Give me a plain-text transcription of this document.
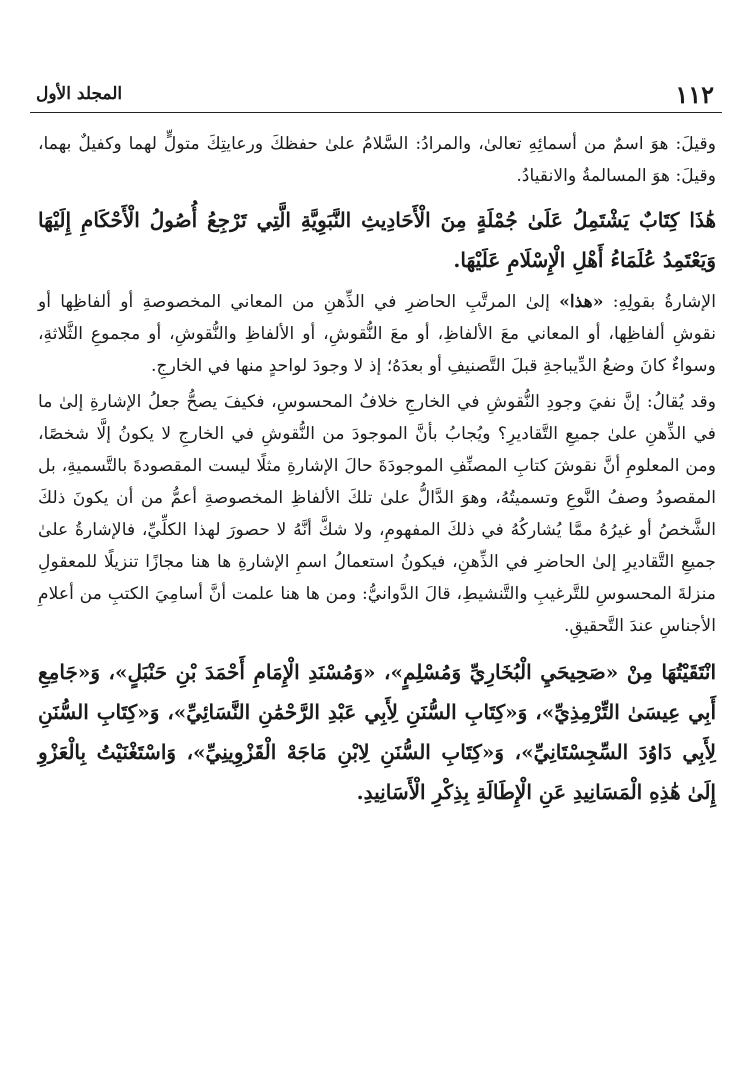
١١٢
المجلد الأول

وقيلَ: هوَ اسمٌ من أسمائِهِ تعالىٰ، والمرادُ: السَّلامُ علىٰ حفظكَ ورعايتِكَ متولٍّ لهما وكفيلٌ بهما، وقيلَ: هوَ المسالمةُ والانقيادُ.

هَٰذَا كِتَابٌ يَشْتَمِلُ عَلَىٰ جُمْلَةٍ مِنَ الْأَحَادِيثِ النَّبَوِيَّةِ الَّتِي تَرْجِعُ أُصُولُ الْأَحْكَامِ إِلَيْهَا وَيَعْتَمِدُ عُلَمَاءُ أَهْلِ الْإِسْلَامِ عَلَيْهَا.

الإشارةُ بقولِهِ: «هذا» إلىٰ المرتَّبِ الحاضرِ في الذِّهنِ من المعاني المخصوصةِ أو ألفاظِها أو نقوشِ ألفاظِها، أو المعاني معَ الألفاظِ، أو معَ النُّقوشِ، أو الألفاظِ والنُّقوشِ، أو مجموعِ الثَّلاثةِ، وسواءٌ كانَ وضعُ الدِّيباجةِ قبلَ التَّصنيفِ أو بعدَهُ؛ إذ لا وجودَ لواحدٍ منها في الخارجِ.

وقد يُقالُ: إنَّ نفيَ وجودِ النُّقوشِ في الخارجِ خلافُ المحسوسِ، فكيفَ يصحُّ جعلُ الإشارةِ إلىٰ ما في الذِّهنِ علىٰ جميعِ التَّقاديرِ؟ ويُجابُ بأنَّ الموجودَ من النُّقوشِ في الخارجِ لا يكونُ إلَّا شخصًا، ومن المعلومِ أنَّ نقوشَ كتابِ المصنِّفِ الموجودَةَ حالَ الإشارةِ مثلًا ليست المقصودةَ بالتَّسميةِ، بل المقصودُ وصفُ النَّوعِ وتسميتُهُ، وهوَ الدَّالُّ علىٰ تلكَ الألفاظِ المخصوصةِ أعمُّ من أن يكونَ ذلكَ الشَّخصُ أو غيرُهُ ممَّا يُشاركُهُ في ذلكَ المفهومِ، ولا شكَّ أنَّهُ لا حصورَ لهذا الكلِّيِّ، فالإشارةُ علىٰ جميعِ التَّقاديرِ إلىٰ الحاضرِ في الذِّهنِ، فيكونُ استعمالُ اسمِ الإشارةِ ها هنا مجازًا تنزيلًا للمعقولِ منزلةَ المحسوسِ للتَّرغيبِ والتَّنشيطِ، قالَ الدَّوانيُّ: ومن ها هنا علمت أنَّ أسامِيَ الكتبِ من أعلامِ الأجناسِ عندَ التَّحقيقِ.

انْتَقَيْتُهَا مِنْ «صَحِيحَيِ الْبُخَارِيِّ وَمُسْلِمٍ»، «وَمُسْنَدِ الْإِمَامِ أَحْمَدَ بْنِ حَنْبَلٍ»، وَ«جَامِعِ أَبِي عِيسَىٰ التِّرْمِذِيِّ»، وَ«كِتَابِ السُّنَنِ لِأَبِي عَبْدِ الرَّحْمَٰنِ النَّسَائِيِّ»، وَ«كِتَابِ السُّنَنِ لِأَبِي دَاوُدَ السِّجِسْتَانِيِّ»، وَ«كِتَابِ السُّنَنِ لِابْنِ مَاجَهْ الْقَزْوِينِيِّ»، وَاسْتَغْنَيْتُ بِالْعَزْوِ إِلَىٰ هَٰذِهِ الْمَسَانِيدِ عَنِ الْإِطَالَةِ بِذِكْرِ الْأَسَانِيدِ.
